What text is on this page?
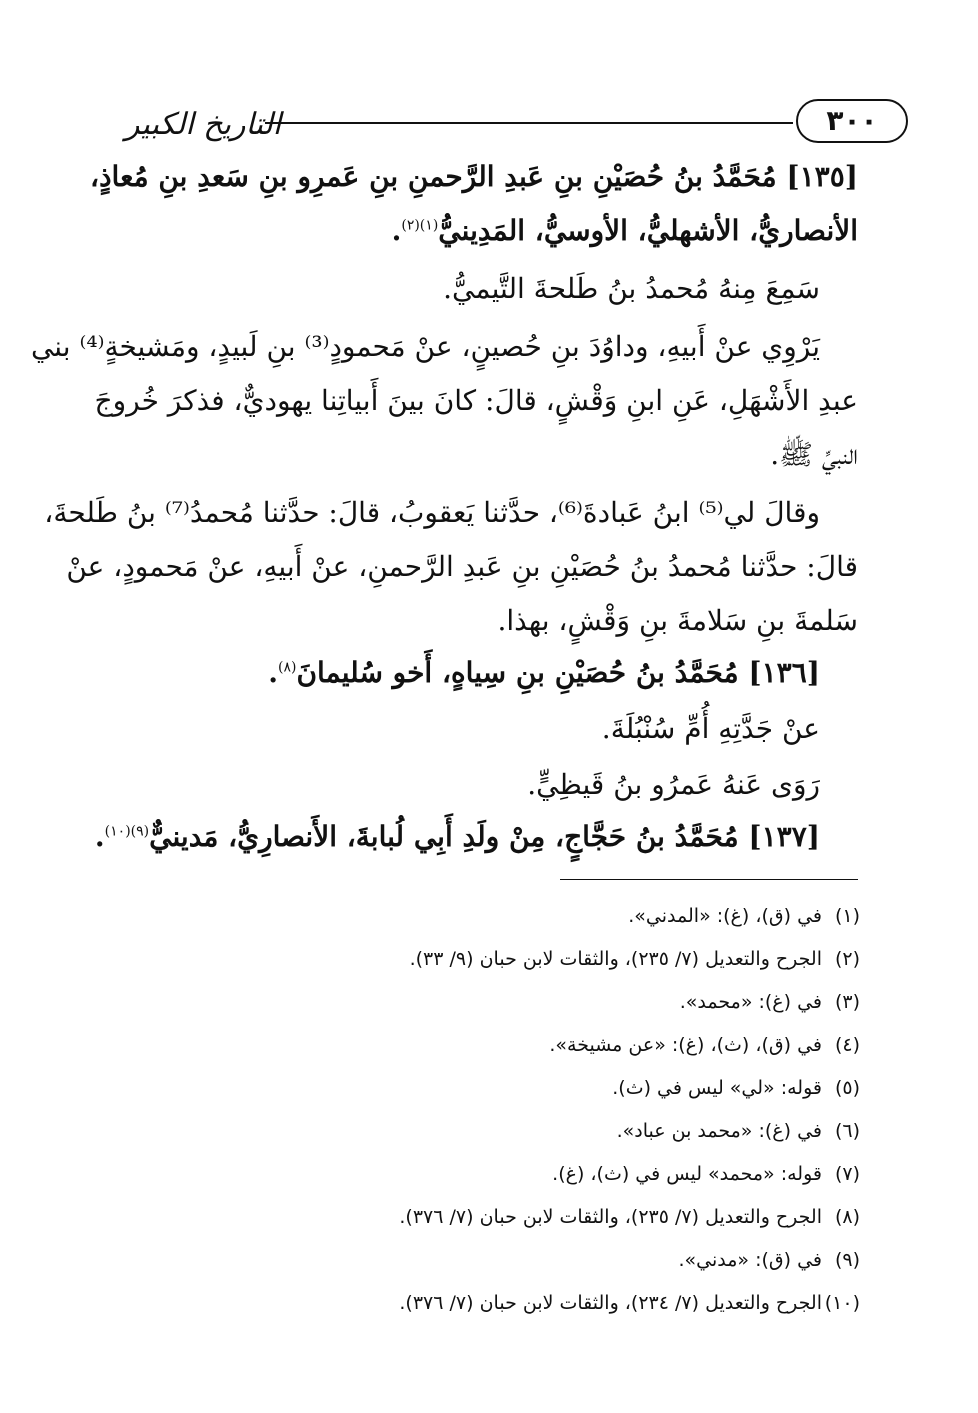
التاريخ الكبير	٣٠٠
[١٣٥] مُحَمَّدُ بنُ حُصَيْنِ بنِ عَبدِ الرَّحمنِ بنِ عَمرِو بنِ سَعدِ بنِ مُعاذٍ،
الأنصاريُّ، الأشهليُّ، الأوسيُّ، المَدِينيُّ$^{(١)(٢)}$.
سَمِعَ مِنهُ مُحمدُ بنُ طَلحةَ التَّيميُّ.
يَرْوِي عنْ أَبيهِ، وداوُدَ بنِ حُصينٍ، عنْ مَحمودٍ⁽³⁾ بنِ لَبيدٍ، ومَشيخةٍ⁽⁴⁾ بني
عبدِ الأَشْهَلِ، عَنِ ابنِ وَقْشٍ، قالَ: كانَ بينَ أَبياتِنا يهوديٌّ، فذكرَ خُروجَ
النبيِّ ﷺ.
وقالَ لي⁽⁵⁾ ابنُ عَبادةَ⁽⁶⁾، حدَّثنا يَعقوبُ، قالَ: حدَّثنا مُحمدُ⁽⁷⁾ بنُ طَلحةَ،
قالَ: حدَّثنا مُحمدُ بنُ حُصَيْنِ بنِ عَبدِ الرَّحمنِ، عنْ أَبيهِ، عنْ مَحمودٍ، عنْ
سَلمةَ بنِ سَلامةَ بنِ وَقْشٍ، بهذا.
[١٣٦] مُحَمَّدُ بنُ حُصَيْنِ بنِ سِياهٍ، أَخو سُليمانَ$^{(٨)}$.
عنْ جَدَّتِهِ أُمِّ سُنْبُلَةَ.
رَوَى عَنهُ عَمرُو بنُ قَيظِيٍّ.
[١٣٧] مُحَمَّدُ بنُ حَجَّاجٍ، مِنْ ولَدِ أَبِي لُبابةَ، الأَنصارِيُّ، مَدينيٌّ$^{(٩)(١٠)}$.
(١)في (ق)، (غ): «المدني».
(٢)الجرح والتعديل (٧/ ٢٣٥)، والثقات لابن حبان (٩/ ٣٣).
(٣)في (غ): «محمد».
(٤)في (ق)، (ث)، (غ): «عن مشيخة».
(٥)قوله: «لي» ليس في (ث).
(٦)في (غ): «محمد بن عباد».
(٧)قوله: «محمد» ليس في (ث)، (غ).
(٨)الجرح والتعديل (٧/ ٢٣٥)، والثقات لابن حبان (٧/ ٣٧٦).
(٩)في (ق): «مدني».
(١٠)الجرح والتعديل (٧/ ٢٣٤)، والثقات لابن حبان (٧/ ٣٧٦).
